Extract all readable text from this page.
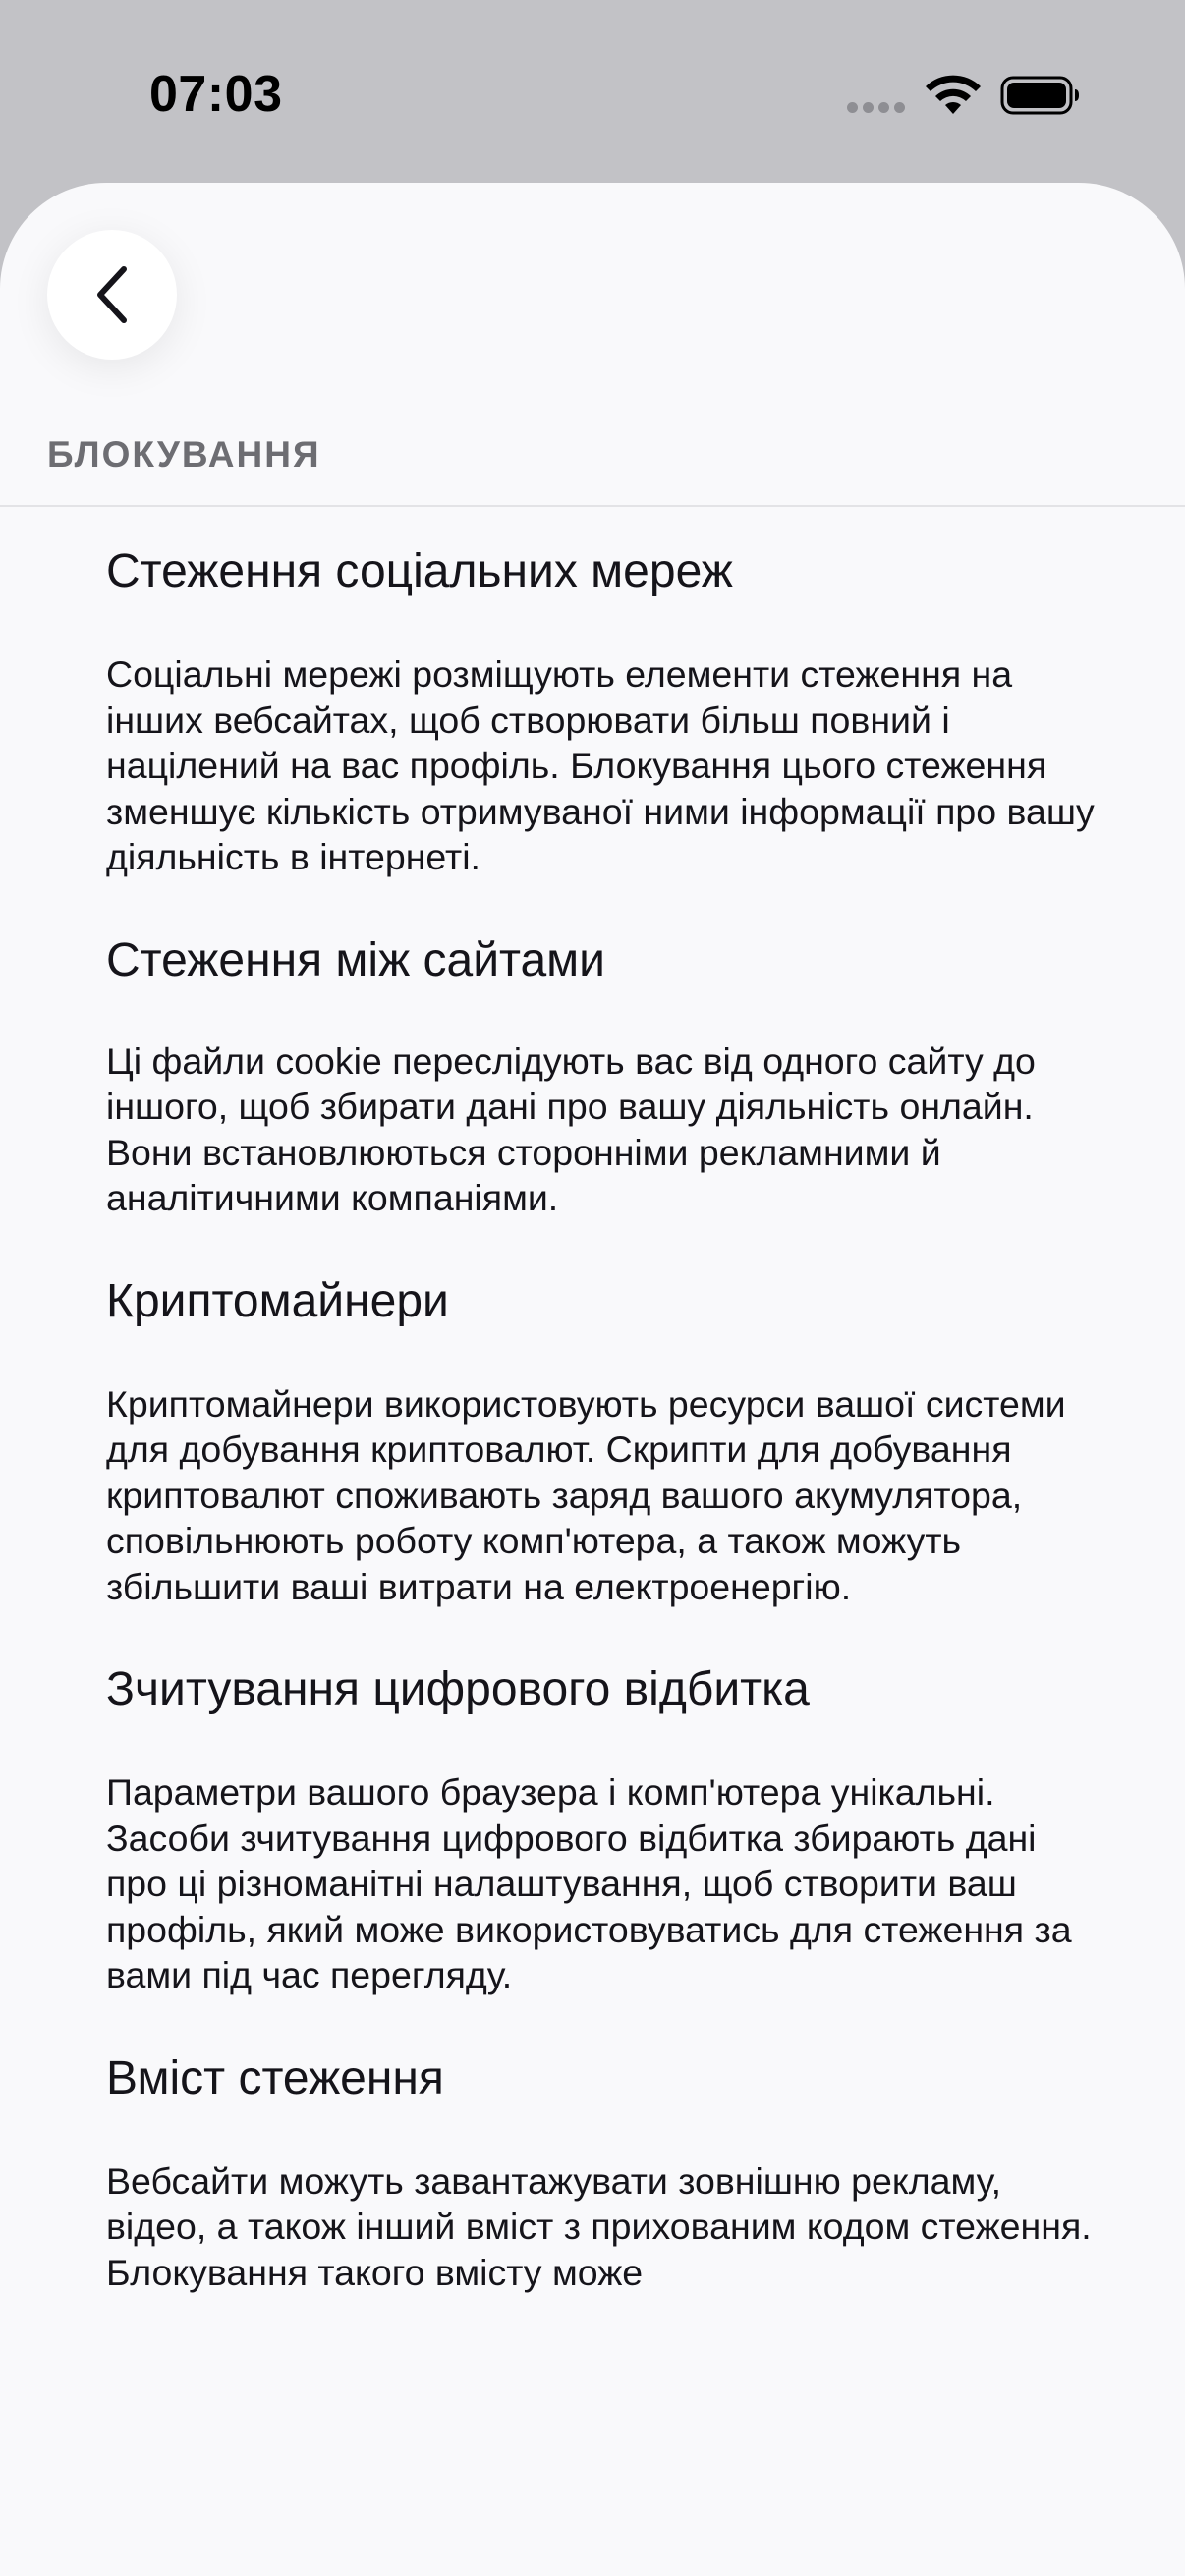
07:03
БЛОКУВАННЯ
Стеження соціальних мереж

Соціальні мережі розміщують елементи стеження на інших вебсайтах, щоб створювати більш повний і націлений на вас профіль. Блокування цього стеження зменшує кількість отримуваної ними інформації про вашу діяльність в інтернеті.

Стеження між сайтами

Ці файли cookie переслідують вас від одного сайту до іншого, щоб збирати дані про вашу діяльність онлайн. Вони встановлюються сторонніми рекламними й аналітичними компаніями.

Криптомайнери

Криптомайнери використовують ресурси вашої системи для добування криптовалют. Скрипти для добування криптовалют споживають заряд вашого акумулятора, сповільнюють роботу комп'ютера, а також можуть збільшити ваші витрати на електроенергію.

Зчитування цифрового відбитка

Параметри вашого браузера і комп'ютера унікальні. Засоби зчитування цифрового відбитка збирають дані про ці різноманітні налаштування, щоб створити ваш профіль, який може використовуватись для стеження за вами під час перегляду.

Вміст стеження

Вебсайти можуть завантажувати зовнішню рекламу, відео, а також інший вміст з прихованим кодом стеження. Блокування такого вмісту може
